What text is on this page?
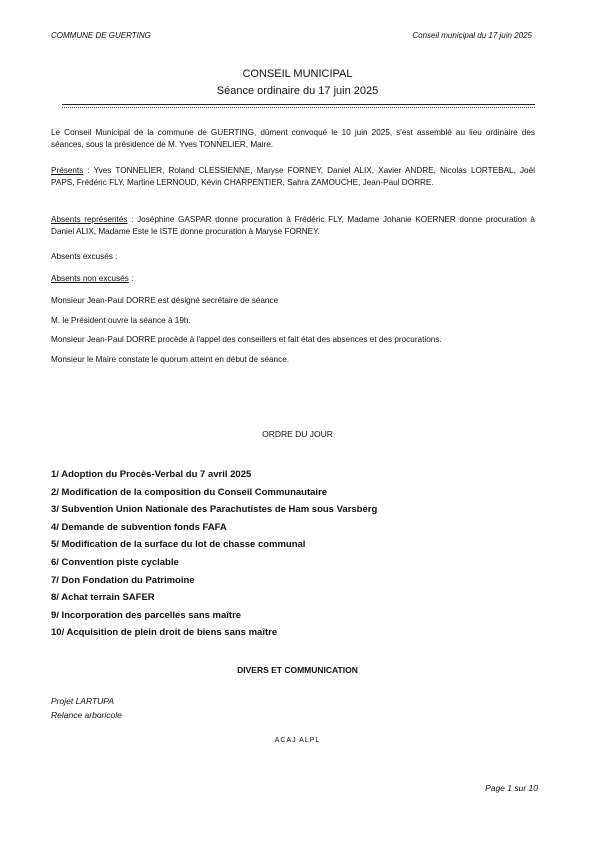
COMMUNE DE GUERTING	Conseil municipal du 17 juin 2025
CONSEIL MUNICIPAL
Séance ordinaire du 17 juin 2025
Le Conseil Municipal de la commune de GUERTING, dûment convoqué le 10 juin 2025, s'est assemblé au lieu ordinaire des séances, sous la présidence de M. Yves TONNELIER, Maire.
Présents : Yves TONNELIER, Roland CLESSIENNE, Maryse FORNEY, Daniel ALIX, Xavier ANDRE, Nicolas LORTEBAL, Joël PAPS, Frédéric FLY, Martine LERNOUD, Kévin CHARPENTIER, Sahra ZAMOUCHE, Jean-Paul DORRE.
Absents représentés : Joséphine GASPAR donne procuration à Frédéric FLY, Madame Johanie KOERNER donne procuration à Daniel ALIX, Madame Este le ISTE donne procuration à Maryse FORNEY.
Absents excusés :
Absents non excusés :
Monsieur Jean-Paul DORRE est désigné secrétaire de séance
M. le Président ouvre la séance à 19h.
Monsieur Jean-Paul DORRE procède à l'appel des conseillers et fait état des absences et des procurations.
Monsieur le Maire constate le quorum atteint en début de séance.
ORDRE DU JOUR
1/ Adoption du Procès-Verbal du 7 avril 2025
2/ Modification de la composition du Conseil Communautaire
3/ Subvention Union Nationale des Parachutistes de Ham sous Varsberg
4/ Demande de subvention fonds FAFA
5/ Modification de la surface du lot de chasse communal
6/ Convention piste cyclable
7/ Don Fondation du Patrimoine
8/ Achat terrain SAFER
9/ Incorporation des parcelles sans maître
10/ Acquisition de plein droit de biens sans maître
DIVERS ET COMMUNICATION
Projet LARTUPA
Relance arboricole
ACAJ ALPL
Page 1 sur 10
